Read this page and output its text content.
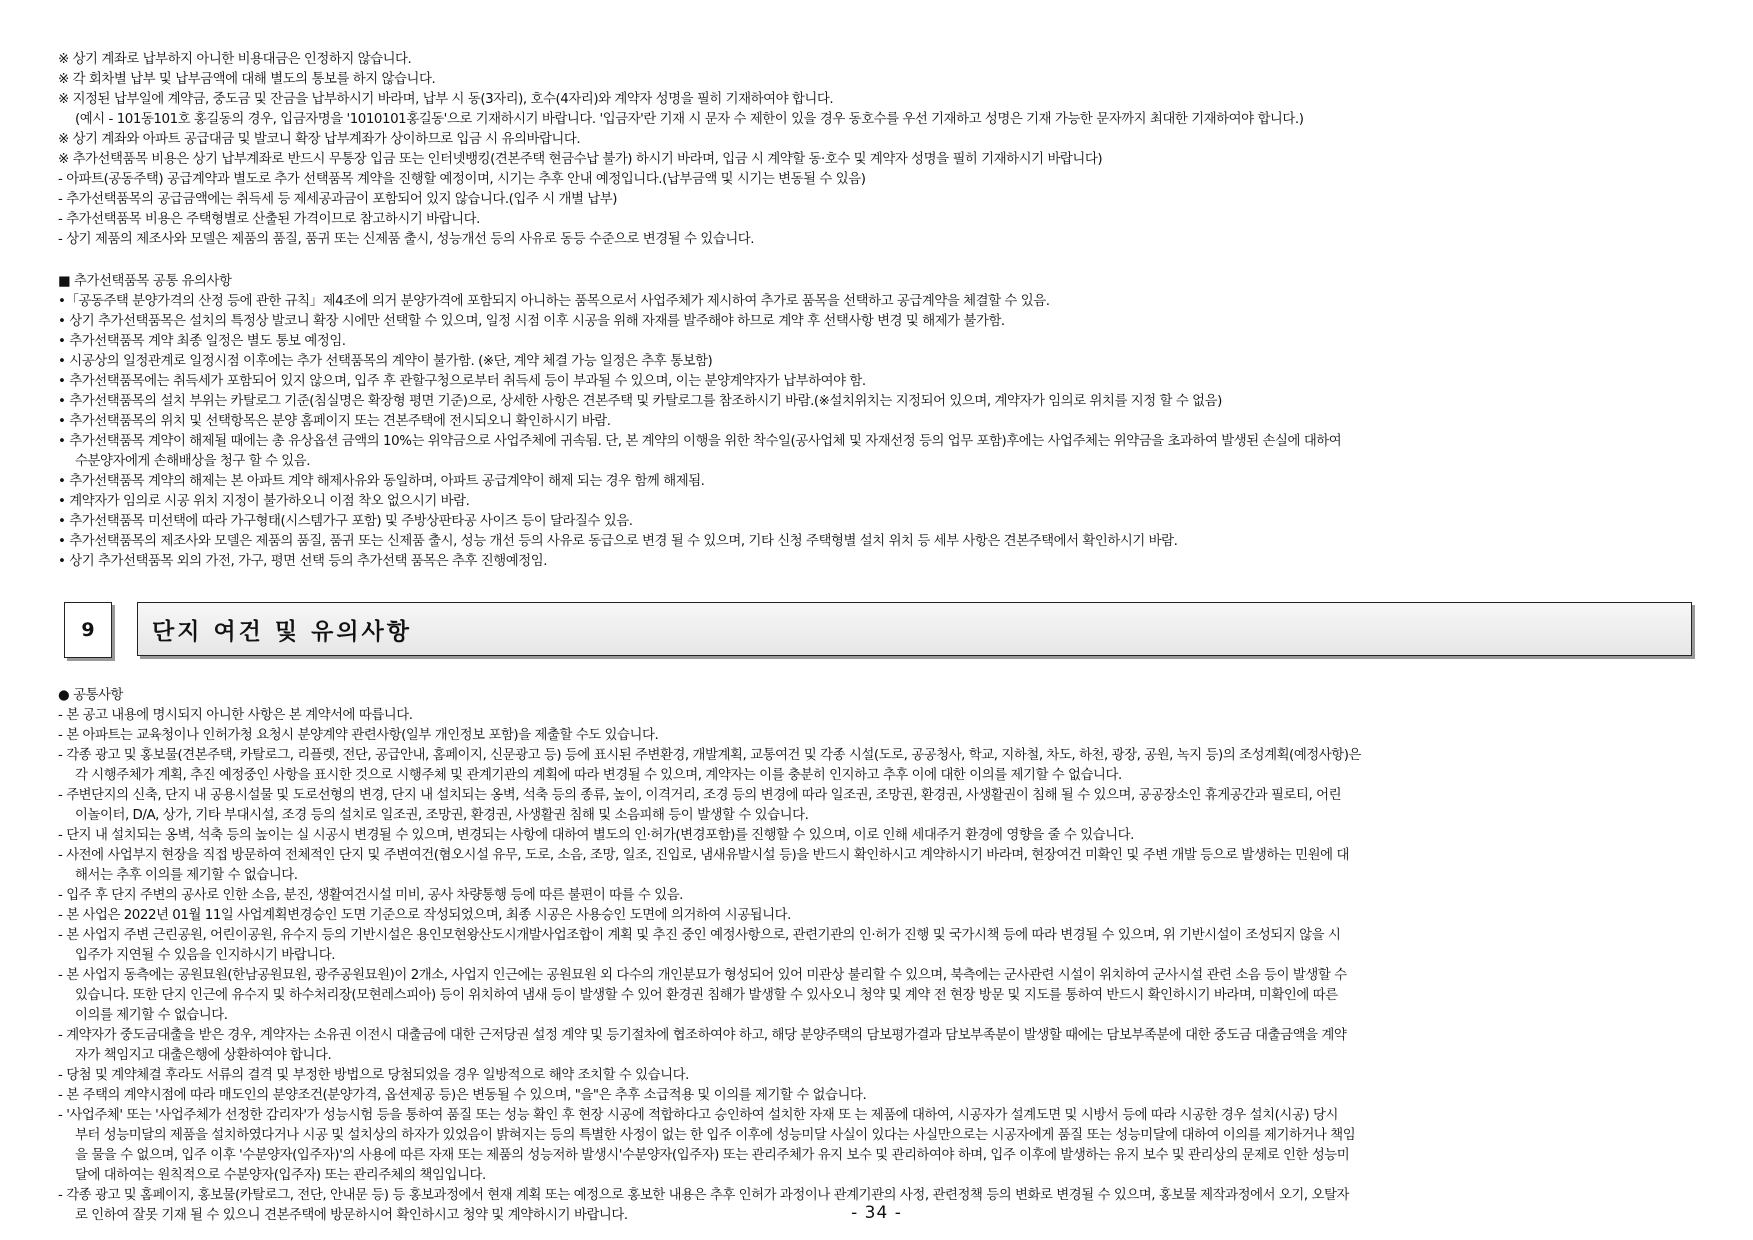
※ 상기 계좌로 납부하지 아니한 비용대금은 인정하지 않습니다.
※ 각 회차별 납부 및 납부금액에 대해 별도의 통보를 하지 않습니다.
※ 지정된 납부일에 계약금, 중도금 및 잔금을 납부하시기 바라며, 납부 시 동(3자리), 호수(4자리)와 계약자 성명을 필히 기재하여야 합니다.
(예시 - 101동101호 홍길동의 경우, 입금자명을 '1010101홍길동'으로 기재하시기 바랍니다. '입금자'란 기재 시 문자 수 제한이 있을 경우 동호수를 우선 기재하고 성명은 기재 가능한 문자까지 최대한 기재하여야 합니다.)
※ 상기 계좌와 아파트 공급대금 및 발코니 확장 납부계좌가 상이하므로 입금 시 유의바랍니다.
※ 추가선택품목 비용은 상기 납부계좌로 반드시 무통장 입금 또는 인터넷뱅킹(견본주택 현금수납 불가) 하시기 바라며, 입금 시 계약할 동·호수 및 계약자 성명을 필히 기재하시기 바랍니다)
- 아파트(공동주택) 공급계약과 별도로 추가 선택품목 계약을 진행할 예정이며, 시기는 추후 안내 예정입니다.(납부금액 및 시기는 변동될 수 있음)
- 추가선택품목의 공급금액에는 취득세 등 제세공과금이 포함되어 있지 않습니다.(입주 시 개별 납부)
- 추가선택품목 비용은 주택형별로 산출된 가격이므로 참고하시기 바랍니다.
- 상기 제품의 제조사와 모델은 제품의 품질, 품귀 또는 신제품 출시, 성능개선 등의 사유로 동등 수준으로 변경될 수 있습니다.
■ 추가선택품목 공통 유의사항
•「공동주택 분양가격의 산정 등에 관한 규칙」제4조에 의거 분양가격에 포함되지 아니하는 품목으로서 사업주체가 제시하여 추가로 품목을 선택하고 공급계약을 체결할 수 있음.
• 상기 추가선택품목은 설치의 특정상 발코니 확장 시에만 선택할 수 있으며, 일정 시점 이후 시공을 위해 자재를 발주해야 하므로 계약 후 선택사항 변경 및 해제가 불가함.
• 추가선택품목 계약 최종 일정은 별도 통보 예정임.
• 시공상의 일정관계로 일정시점 이후에는 추가 선택품목의 계약이 불가함. (※단, 계약 체결 가능 일정은 추후 통보함)
• 추가선택품목에는 취득세가 포함되어 있지 않으며, 입주 후 관할구청으로부터 취득세 등이 부과될 수 있으며, 이는 분양계약자가 납부하여야 함.
• 추가선택품목의 설치 부위는 카탈로그 기준(침실명은 확장형 평면 기준)으로, 상세한 사항은 견본주택 및 카탈로그를 참조하시기 바람.(※설치위치는 지정되어 있으며, 계약자가 임의로 위치를 지정 할 수 없음)
• 추가선택품목의 위치 및 선택항목은 분양 홈페이지 또는 견본주택에 전시되오니 확인하시기 바람.
• 추가선택품목 계약이 해제될 때에는 총 유상옵션 금액의 10%는 위약금으로 사업주체에 귀속됨. 단, 본 계약의 이행을 위한 착수일(공사업체 및 자재선정 등의 업무 포함)후에는 사업주체는 위약금을 초과하여 발생된 손실에 대하여
수분양자에게 손해배상을 청구 할 수 있음.
• 추가선택품목 계약의 해제는 본 아파트 계약 해제사유와 동일하며, 아파트 공급계약이 해제 되는 경우 함께 해제됨.
• 계약자가 임의로 시공 위치 지정이 불가하오니 이점 착오 없으시기 바람.
• 추가선택품목 미선택에 따라 가구형태(시스템가구 포함) 및 주방상판타공 사이즈 등이 달라질수 있음.
• 추가선택품목의 제조사와 모델은 제품의 품질, 품귀 또는 신제품 출시, 성능 개선 등의 사유로 동급으로 변경 될 수 있으며, 기타 신청 주택형별 설치 위치 등 세부 사항은 견본주택에서 확인하시기 바람.
• 상기 추가선택품목 외의 가전, 가구, 평면 선택 등의 추가선택 품목은 추후 진행예정임.
9	단지 여건 및 유의사항
● 공통사항
- 본 공고 내용에 명시되지 아니한 사항은 본 계약서에 따릅니다.
- 본 아파트는 교육청이나 인허가청 요청시 분양계약 관련사항(일부 개인정보 포함)을 제출할 수도 있습니다.
- 각종 광고 및 홍보물(견본주택, 카탈로그, 리플렛, 전단, 공급안내, 홈페이지, 신문광고 등) 등에 표시된 주변환경, 개발계획, 교통여건 및 각종 시설(도로, 공공청사, 학교, 지하철, 차도, 하천, 광장, 공원, 녹지 등)의 조성계획(예정사항)은
각 시행주체가 계획, 추진 예정중인 사항을 표시한 것으로 시행주체 및 관계기관의 계획에 따라 변경될 수 있으며, 계약자는 이를 충분히 인지하고 추후 이에 대한 이의를 제기할 수 없습니다.
- 주변단지의 신축, 단지 내 공용시설물 및 도로선형의 변경, 단지 내 설치되는 옹벽, 석축 등의 종류, 높이, 이격거리, 조경 등의 변경에 따라 일조권, 조망권, 환경권, 사생활권이 침해 될 수 있으며, 공공장소인 휴게공간과 필로티, 어린
이놀이터, D/A, 상가, 기타 부대시설, 조경 등의 설치로 일조권, 조망권, 환경권, 사생활권 침해 및 소음피해 등이 발생할 수 있습니다.
- 단지 내 설치되는 옹벽, 석축 등의 높이는 실 시공시 변경될 수 있으며, 변경되는 사항에 대하여 별도의 인·허가(변경포함)를 진행할 수 있으며, 이로 인해 세대주거 환경에 영향을 줄 수 있습니다.
- 사전에 사업부지 현장을 직접 방문하여 전체적인 단지 및 주변여건(혐오시설 유무, 도로, 소음, 조망, 일조, 진입로, 냄새유발시설 등)을 반드시 확인하시고 계약하시기 바라며, 현장여건 미확인 및 주변 개발 등으로 발생하는 민원에 대
해서는 추후 이의를 제기할 수 없습니다.
- 입주 후 단지 주변의 공사로 인한 소음, 분진, 생활여건시설 미비, 공사 차량통행 등에 따른 불편이 따를 수 있음.
- 본 사업은 2022년 01월 11일 사업계획변경승인 도면 기준으로 작성되었으며, 최종 시공은 사용승인 도면에 의거하여 시공됩니다.
- 본 사업지 주변 근린공원, 어린이공원, 유수지 등의 기반시설은 용인모현왕산도시개발사업조합이 계획 및 추진 중인 예정사항으로, 관련기관의 인·허가 진행 및 국가시책 등에 따라 변경될 수 있으며, 위 기반시설이 조성되지 않을 시
입주가 지연될 수 있음을 인지하시기 바랍니다.
- 본 사업지 동측에는 공원묘원(한남공원묘원, 광주공원묘원)이 2개소, 사업지 인근에는 공원묘원 외 다수의 개인분묘가 형성되어 있어 미관상 불리할 수 있으며, 북측에는 군사관련 시설이 위치하여 군사시설 관련 소음 등이 발생할 수
있습니다. 또한 단지 인근에 유수지 및 하수처리장(모현레스피아) 등이 위치하여 냄새 등이 발생할 수 있어 환경권 침해가 발생할 수 있사오니 청약 및 계약 전 현장 방문 및 지도를 통하여 반드시 확인하시기 바라며, 미확인에 따른
이의를 제기할 수 없습니다.
- 계약자가 중도금대출을 받은 경우, 계약자는 소유권 이전시 대출금에 대한 근저당권 설정 계약 및 등기절차에 협조하여야 하고, 해당 분양주택의 담보평가결과 담보부족분이 발생할 때에는 담보부족분에 대한 중도금 대출금액을 계약
자가 책임지고 대출은행에 상환하여야 합니다.
- 당첨 및 계약체결 후라도 서류의 결격 및 부정한 방법으로 당첨되었을 경우 일방적으로 해약 조치할 수 있습니다.
- 본 주택의 계약시점에 따라 매도인의 분양조건(분양가격, 옵션제공 등)은 변동될 수 있으며, "을"은 추후 소급적용 및 이의를 제기할 수 없습니다.
- '사업주체' 또는 '사업주체가 선정한 감리자'가 성능시험 등을 통하여 품질 또는 성능 확인 후 현장 시공에 적합하다고 승인하여 설치한 자재 또 는 제품에 대하여, 시공자가 설계도면 및 시방서 등에 따라 시공한 경우 설치(시공) 당시
부터 성능미달의 제품을 설치하였다거나 시공 및 설치상의 하자가 있었음이 밝혀지는 등의 특별한 사정이 없는 한 입주 이후에 성능미달 사실이 있다는 사실만으로는 시공자에게 품질 또는 성능미달에 대하여 이의를 제기하거나 책임
을 물을 수 없으며, 입주 이후 '수분양자(입주자)'의 사용에 따른 자재 또는 제품의 성능저하 발생시'수분양자(입주자) 또는 관리주체가 유지 보수 및 관리하여야 하며, 입주 이후에 발생하는 유지 보수 및 관리상의 문제로 인한 성능미
달에 대하여는 원칙적으로 수분양자(입주자) 또는 관리주체의 책임입니다.
- 각종 광고 및 홈페이지, 홍보물(카탈로그, 전단, 안내문 등) 등 홍보과정에서 현재 계획 또는 예정으로 홍보한 내용은 추후 인허가 과정이나 관계기관의 사정, 관련정책 등의 변화로 변경될 수 있으며, 홍보물 제작과정에서 오기, 오탈자
로 인하여 잘못 기재 될 수 있으니 견본주택에 방문하시어 확인하시고 청약 및 계약하시기 바랍니다.	- 34 -
